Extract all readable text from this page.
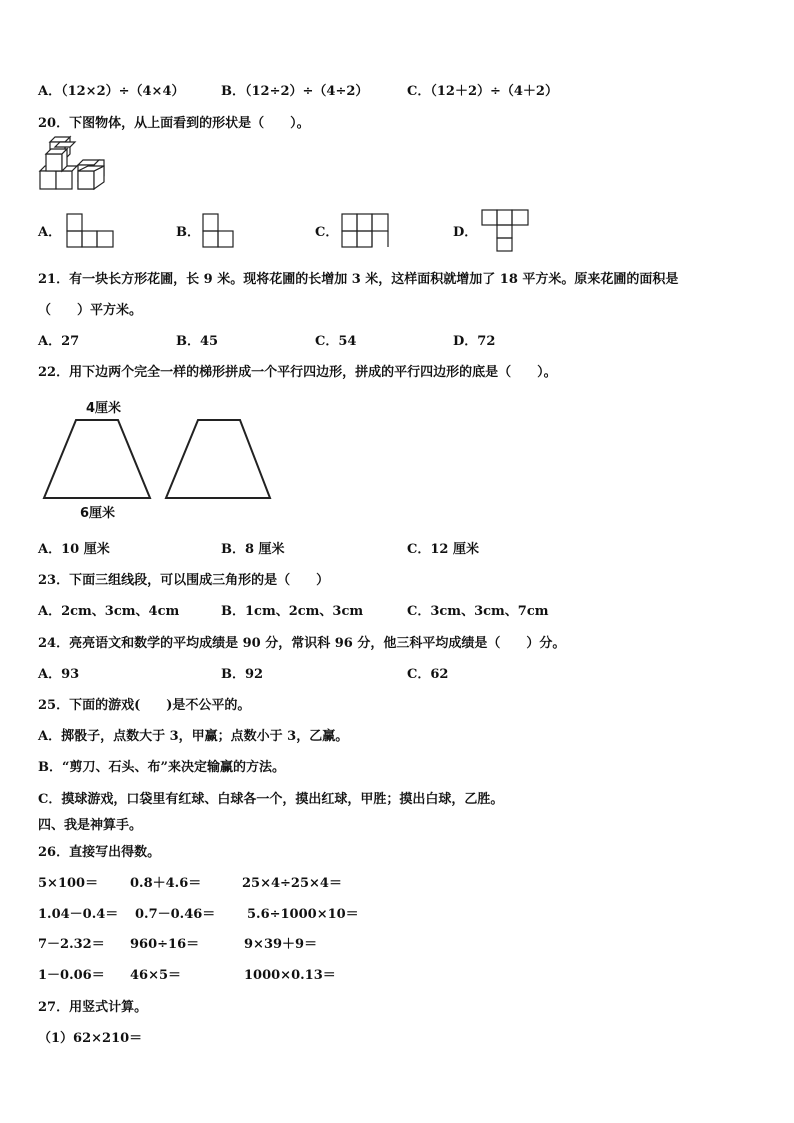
A．（12×2）÷（4×4）	B．（12÷2）÷（4÷2）	C．（12＋2）÷（4＋2）
20．下图物体，从上面看到的形状是（　　）。
A．	B．	C．	D．
21．有一块长方形花圃，长 9 米。现将花圃的长增加 3 米，这样面积就增加了 18 平方米。原来花圃的面积是
（　　）平方米。
A．27	B．45	C．54	D．72
22．用下边两个完全一样的梯形拼成一个平行四边形，拼成的平行四边形的底是（　　）。
4厘米
6厘米
A．10 厘米	B．8 厘米	C．12 厘米
23．下面三组线段，可以围成三角形的是（　　）
A．2cm、3cm、4cm	B．1cm、2cm、3cm	C．3cm、3cm、7cm
24．亮亮语文和数学的平均成绩是 90 分，常识科 96 分，他三科平均成绩是（　　）分。
A．93	B．92	C．62
25．下面的游戏(　　)是不公平的。
A．掷骰子，点数大于 3，甲赢；点数小于 3，乙赢。
B．“剪刀、石头、布”来决定输赢的方法。
C．摸球游戏，口袋里有红球、白球各一个，摸出红球，甲胜；摸出白球，乙胜。
四、我是神算手。
26．直接写出得数。
5×100＝ 0.8＋4.6＝	25×4÷25×4＝
1.04－0.4＝ 0.7－0.46＝ 5.6÷1000×10＝
7－2.32＝ 960÷16＝	9×39＋9＝
1－0.06＝ 46×5＝	1000×0.13＝
27．用竖式计算。
（1）62×210＝
